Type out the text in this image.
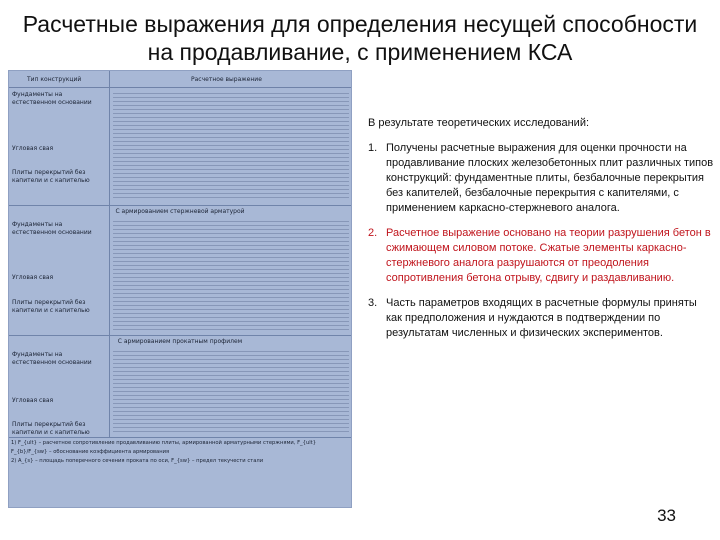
Расчетные выражения для определения несущей способности на продавливание, с применением КСА
Тип конструкций	Расчетное выражение
Фундаменты на естественном основании
Угловая свая
Плиты перекрытий без капители и с капителью
С армированием стержневой арматурой
Фундаменты на естественном основании
Угловая свая
Плиты перекрытий без капители и с капителью
С армированием прокатным профилем
Фундаменты на естественном основании
Угловая свая
Плиты перекрытий без капители и с капителью
1) F_{ult} – расчетное сопротивление продавливанию плиты, армированной арматурными стержнями, F_{ult}
F_{b}/F_{sw} – обоснование коэффициента армирования
2) A_{s} – площадь поперечного сечения проката по оси, F_{sw} – предел текучести стали
В результате теоретических исследований:
1. Получены расчетные выражения для оценки прочности на продавливание плоских железобетонных плит различных типов конструкций: фундаментные плиты, безбалочные перекрытия без капителей, безбалочные перекрытия с капителями, с применением каркасно-стержневого аналога.
2. Расчетное выражение основано на теории разрушения бетон в сжимающем силовом потоке. Сжатые элементы каркасно-стержневого аналога разрушаются от преодоления сопротивления бетона отрыву, сдвигу и раздавливанию.
3. Часть параметров входящих в расчетные формулы приняты как предположения и нуждаются в подтверждении по результатам численных и физических экспериментов.
33
